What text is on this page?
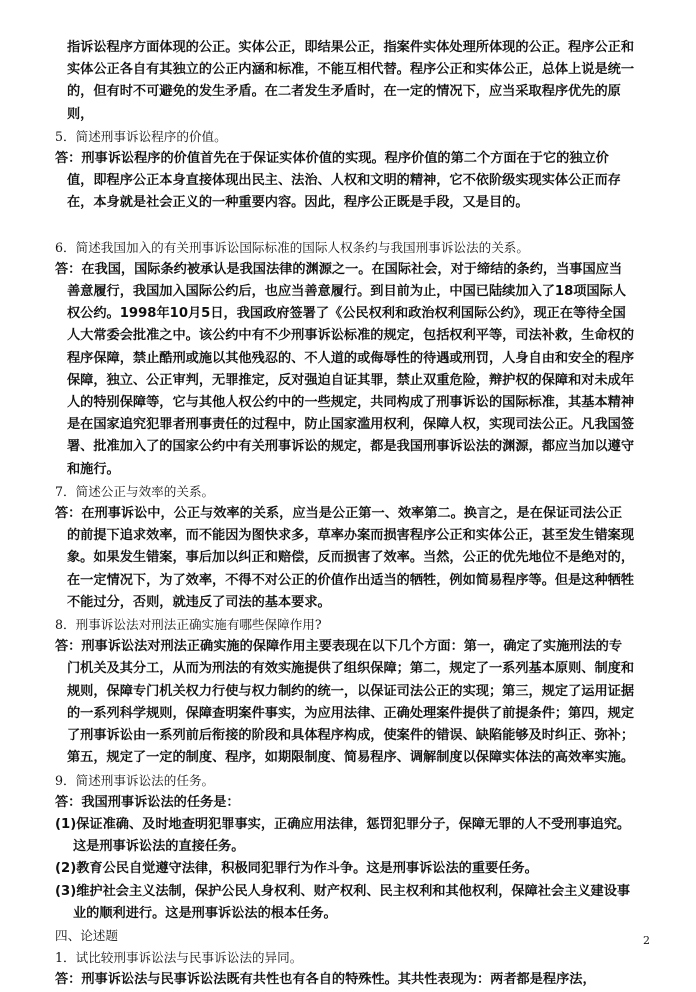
指诉讼程序方面体现的公正。实体公正，即结果公正，指案件实体处理所体现的公正。程序公正和实体公正各自有其独立的公正内涵和标准，不能互相代替。程序公正和实体公正，总体上说是统一的，但有时不可避免的发生矛盾。在二者发生矛盾时，在一定的情况下，应当采取程序优先的原则，

5．简述刑事诉讼程序的价值。

答：刑事诉讼程序的价值首先在于保证实体价值的实现。程序价值的第二个方面在于它的独立价值，即程序公正本身直接体现出民主、法治、人权和文明的精神，它不依阶级实现实体公正而存在，本身就是社会正义的一种重要内容。因此，程序公正既是手段，又是目的。

6．简述我国加入的有关刑事诉讼国际标准的国际人权条约与我国刑事诉讼法的关系。

答：在我国，国际条约被承认是我国法律的渊源之一。在国际社会，对于缔结的条约，当事国应当善意履行，我国加入国际公约后，也应当善意履行。到目前为止，中国已陆续加入了18项国际人权公约。1998年10月5日，我国政府签署了《公民权利和政治权利国际公约》，现正在等待全国人大常委会批准之中。该公约中有不少刑事诉讼标准的规定，包括权利平等，司法补救，生命权的程序保障，禁止酷刑或施以其他残忍的、不人道的或侮辱性的待遇或刑罚，人身自由和安全的程序保障，独立、公正审判，无罪推定，反对强迫自证其罪，禁止双重危险，辩护权的保障和对未成年人的特别保障等，它与其他人权公约中的一些规定，共同构成了刑事诉讼的国际标准，其基本精神是在国家追究犯罪者刑事责任的过程中，防止国家滥用权利，保障人权，实现司法公正。凡我国签署、批准加入了的国家公约中有关刑事诉讼的规定，都是我国刑事诉讼法的渊源，都应当加以遵守和施行。

7．简述公正与效率的关系。

答：在刑事诉讼中，公正与效率的关系，应当是公正第一、效率第二。换言之，是在保证司法公正的前提下追求效率，而不能因为图快求多，草率办案而损害程序公正和实体公正，甚至发生错案现象。如果发生错案，事后加以纠正和赔偿，反而损害了效率。当然，公正的优先地位不是绝对的，在一定情况下，为了效率，不得不对公正的价值作出适当的牺牲，例如简易程序等。但是这种牺牲不能过分，否则，就违反了司法的基本要求。

8．刑事诉讼法对刑法正确实施有哪些保障作用?

答：刑事诉讼法对刑法正确实施的保障作用主要表现在以下几个方面：第一，确定了实施刑法的专门机关及其分工，从而为刑法的有效实施提供了组织保障；第二，规定了一系列基本原则、制度和规则，保障专门机关权力行使与权力制约的统一，以保证司法公正的实现；第三，规定了运用证据的一系列科学规则，保障查明案件事实，为应用法律、正确处理案件提供了前提条件；第四，规定了刑事诉讼由一系列前后衔接的阶段和具体程序构成，使案件的错误、缺陷能够及时纠正、弥补；第五，规定了一定的制度、程序，如期限制度、简易程序、调解制度以保障实体法的高效率实施。

9．简述刑事诉讼法的任务。

答：我国刑事诉讼法的任务是：

(1)保证准确、及时地查明犯罪事实，正确应用法律，惩罚犯罪分子，保障无罪的人不受刑事追究。这是刑事诉讼法的直接任务。

(2)教育公民自觉遵守法律，积极同犯罪行为作斗争。这是刑事诉讼法的重要任务。

(3)维护社会主义法制，保护公民人身权利、财产权利、民主权利和其他权利，保障社会主义建设事业的顺利进行。这是刑事诉讼法的根本任务。

四、论述题

1．试比较刑事诉讼法与民事诉讼法的异同。

答：刑事诉讼法与民事诉讼法既有共性也有各自的特殊性。其共性表现为：两者都是程序法，

2
